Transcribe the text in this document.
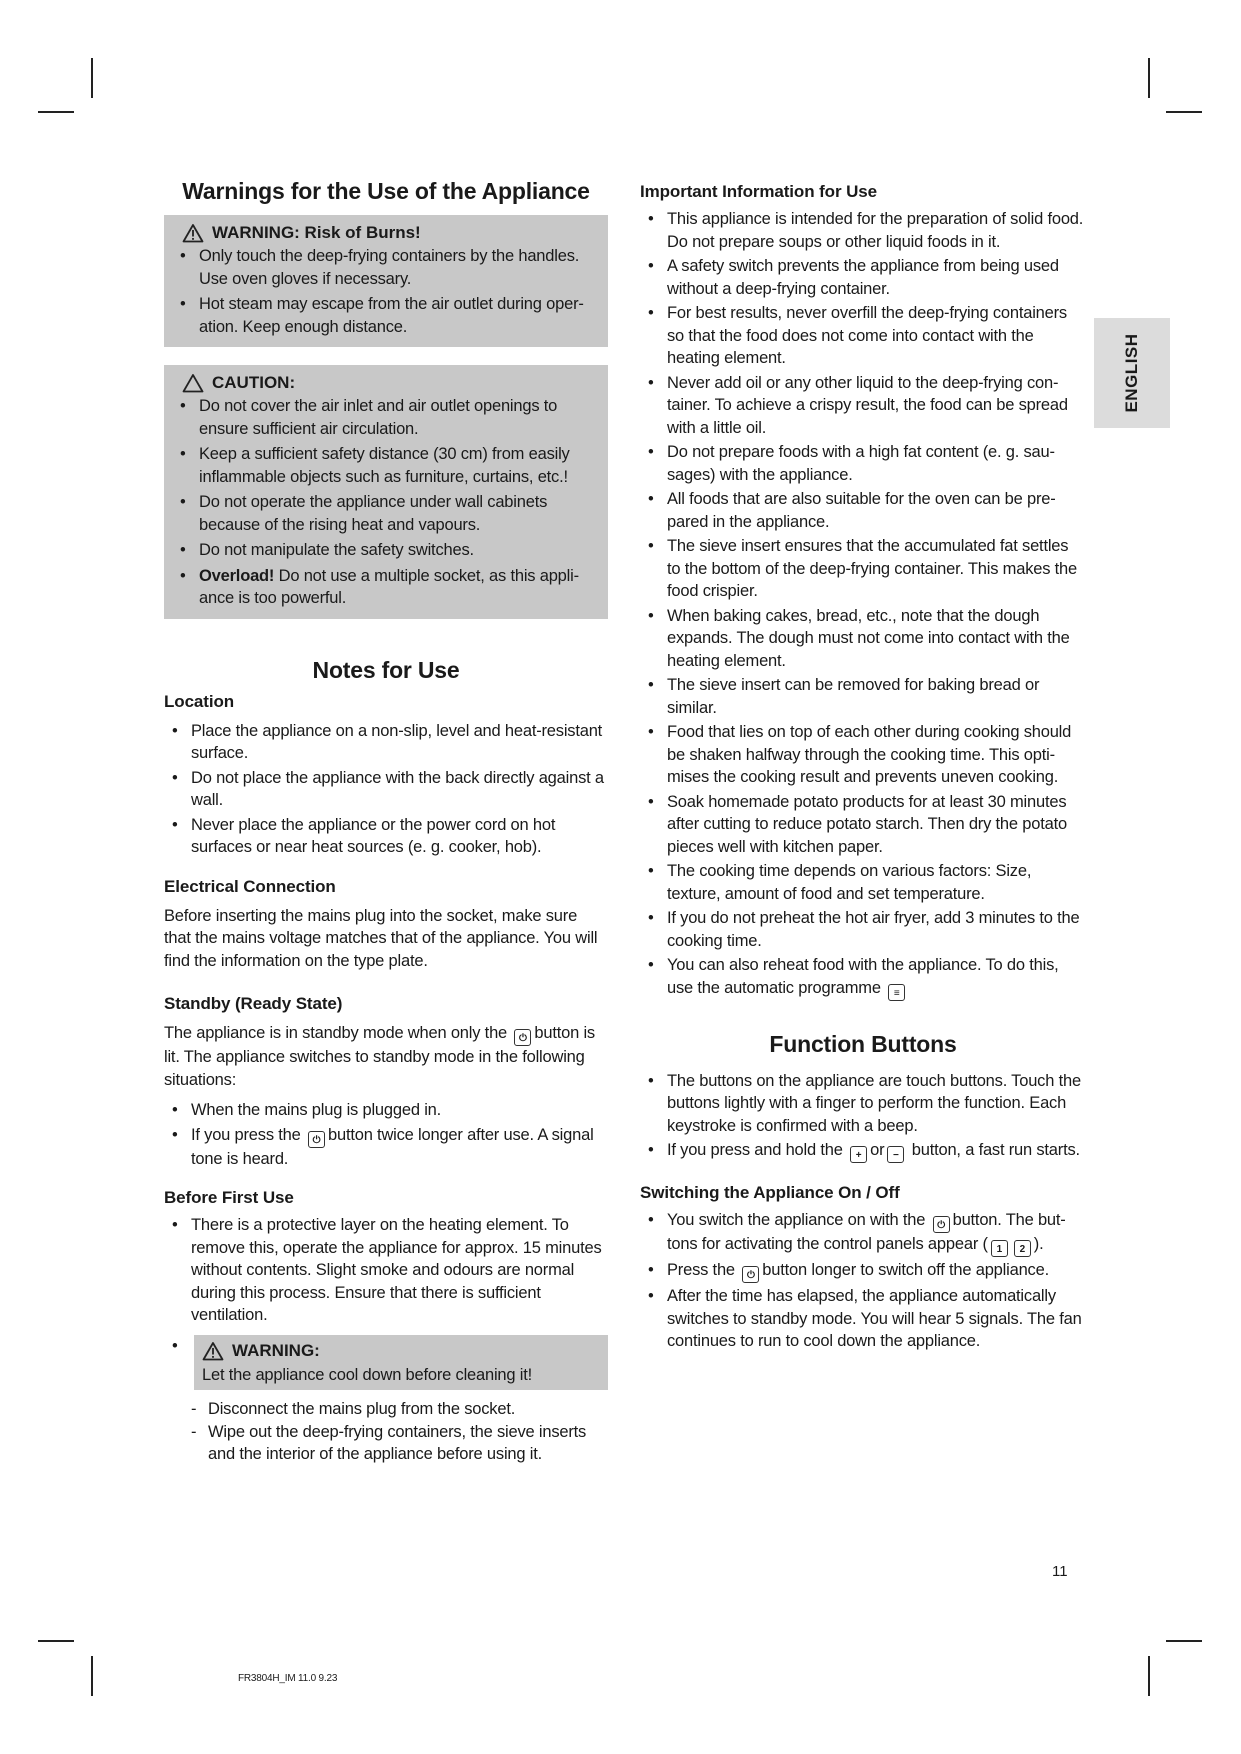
ENGLISH
Warnings for the Use of the Appliance
WARNING: Risk of Burns!
• Only touch the deep-frying containers by the handles. Use oven gloves if necessary.
• Hot steam may escape from the air outlet during operation. Keep enough distance.
CAUTION:
• Do not cover the air inlet and air outlet openings to ensure sufficient air circulation.
• Keep a sufficient safety distance (30 cm) from easily inflammable objects such as furniture, curtains, etc.!
• Do not operate the appliance under wall cabinets because of the rising heat and vapours.
• Do not manipulate the safety switches.
• Overload! Do not use a multiple socket, as this appliance is too powerful.
Notes for Use
Location
• Place the appliance on a non-slip, level and heat-resistant surface.
• Do not place the appliance with the back directly against a wall.
• Never place the appliance or the power cord on hot surfaces or near heat sources (e. g. cooker, hob).
Electrical Connection

Before inserting the mains plug into the socket, make sure that the mains voltage matches that of the appliance. You will find the information on the type plate.

Standby (Ready State)

The appliance is in standby mode when only the ⏻ button is lit. The appliance switches to standby mode in the following situations:

• When the mains plug is plugged in.
• If you press the ⏻ button twice longer after use. A signal tone is heard.
Before First Use
• There is a protective layer on the heating element. To remove this, operate the appliance for approx. 15 minutes without contents. Slight smoke and odours are normal during this process. Ensure that there is sufficient ventilation.
•	WARNING:

Let the appliance cool down before cleaning it!

- Disconnect the mains plug from the socket.
- Wipe out the deep-frying containers, the sieve inserts and the interior of the appliance before using it.
Important Information for Use
• This appliance is intended for the preparation of solid food. Do not prepare soups or other liquid foods in it.
• A safety switch prevents the appliance from being used without a deep-frying container.
• For best results, never overfill the deep-frying containers so that the food does not come into contact with the heating element.
• Never add oil or any other liquid to the deep-frying container. To achieve a crispy result, the food can be spread with a little oil.
• Do not prepare foods with a high fat content (e. g. sausages) with the appliance.
• All foods that are also suitable for the oven can be prepared in the appliance.
• The sieve insert ensures that the accumulated fat settles to the bottom of the deep-frying container. This makes the food crispier.
• When baking cakes, bread, etc., note that the dough expands. The dough must not come into contact with the heating element.
• The sieve insert can be removed for baking bread or similar.
• Food that lies on top of each other during cooking should be shaken halfway through the cooking time. This optimises the cooking result and prevents uneven cooking.
• Soak homemade potato products for at least 30 minutes after cutting to reduce potato starch. Then dry the potato pieces well with kitchen paper.
• The cooking time depends on various factors: Size, texture, amount of food and set temperature.
• If you do not preheat the hot air fryer, add 3 minutes to the cooking time.
• You can also reheat food with the appliance. To do this, use the automatic programme ≡
Function Buttons
• The buttons on the appliance are touch buttons. Touch the buttons lightly with a finger to perform the function. Each keystroke is confirmed with a beep.
• If you press and hold the + or − button, a fast run starts.
Switching the Appliance On / Off
• You switch the appliance on with the ⏻ button. The buttons for activating the control panels appear ( 1 2 ).
• Press the ⏻ button longer to switch off the appliance.
• After the time has elapsed, the appliance automatically switches to standby mode. You will hear 5 signals. The fan continues to run to cool down the appliance.
11
FR3804H_IM 11.0 9.23
